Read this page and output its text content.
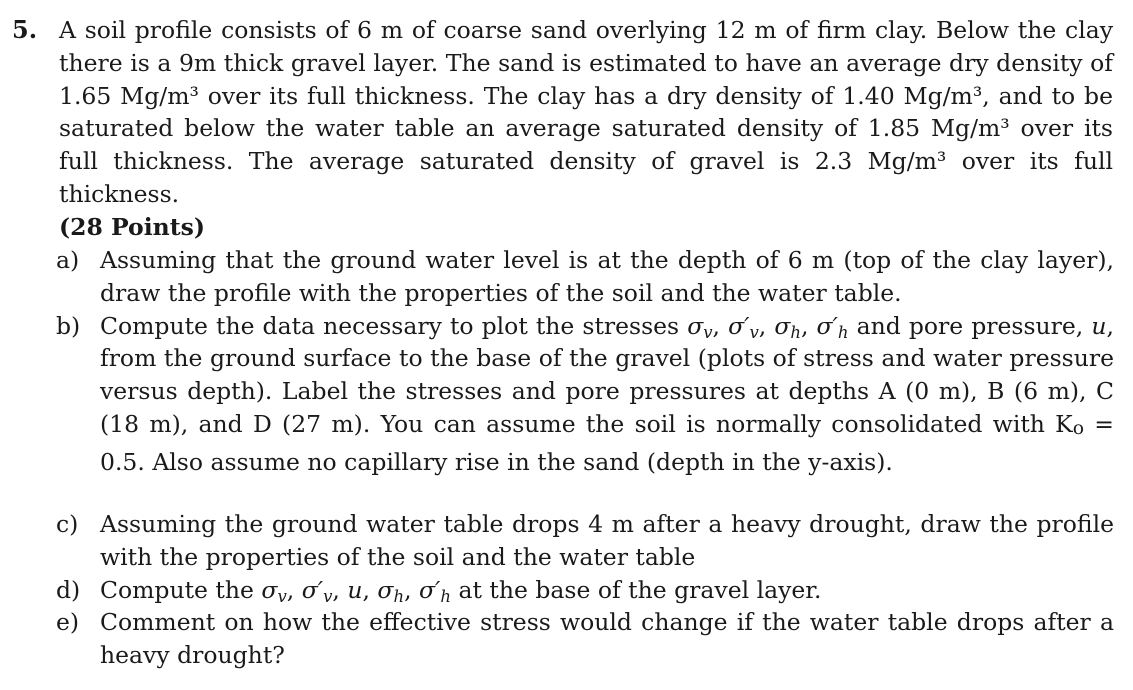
5. A soil profile consists of 6 m of coarse sand overlying 12 m of firm clay. Below the clay there is a 9m thick gravel layer. The sand is estimated to have an average dry density of 1.65 Mg/m³ over its full thickness. The clay has a dry density of 1.40 Mg/m³, and to be saturated below the water table an average saturated density of 1.85 Mg/m³ over its full thickness. The average saturated density of gravel is 2.3 Mg/m³ over its full thickness.
(28 Points)
a) Assuming that the ground water level is at the depth of 6 m (top of the clay layer), draw the profile with the properties of the soil and the water table.
b) Compute the data necessary to plot the stresses $\sigma_v$, $\sigma'_v$, $\sigma_h$, $\sigma'_h$ and pore pressure, u, from the ground surface to the base of the gravel (plots of stress and water pressure versus depth). Label the stresses and pore pressures at depths A (0 m), B (6 m), C (18 m), and D (27 m). You can assume the soil is normally consolidated with Ko = 0.5. Also assume no capillary rise in the sand (depth in the y-axis).
c) Assuming the ground water table drops 4 m after a heavy drought, draw the profile with the properties of the soil and the water table
d) Compute the $\sigma_v$, $\sigma'_v$, u, $\sigma_h$, $\sigma'_h$ at the base of the gravel layer.
e) Comment on how the effective stress would change if the water table drops after a heavy drought?
